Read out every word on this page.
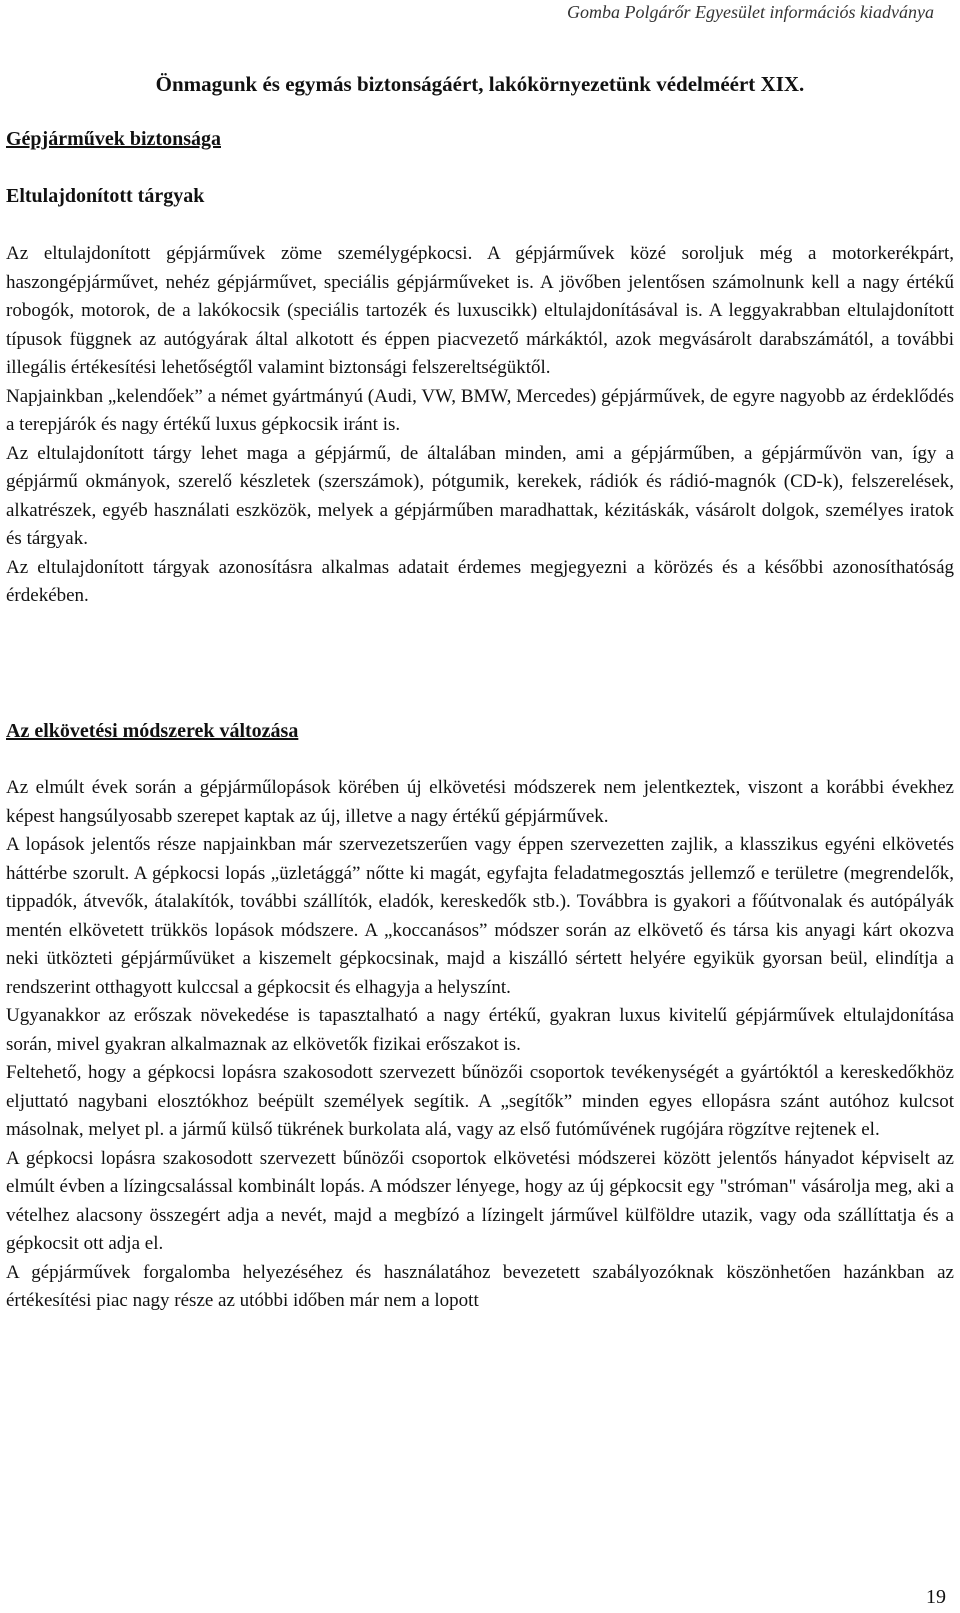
Gomba Polgárőr Egyesület információs kiadványa
Önmagunk és egymás biztonságáért, lakókörnyezetünk védelméért XIX.
Gépjárművek biztonsága
Eltulajdonított tárgyak

Az eltulajdonított gépjárművek zöme személygépkocsi. A gépjárművek közé soroljuk még a motorkerékpárt, haszongépjárművet, nehéz gépjárművet, speciális gépjárműveket is. A jövőben jelentősen számolnunk kell a nagy értékű robogók, motorok, de a lakókocsik (speciális tartozék és luxuscikk) eltulajdonításával is. A leggyakrabban eltulajdonított típusok függnek az autógyárak által alkotott és éppen piacvezető márkáktól, azok megvásárolt darabszámától, a további illegális értékesítési lehetőségtől valamint biztonsági felszereltségüktől.

Napjainkban „kelendőek” a német gyártmányú (Audi, VW, BMW, Mercedes) gépjárművek, de egyre nagyobb az érdeklődés a terepjárók és nagy értékű luxus gépkocsik iránt is.

Az eltulajdonított tárgy lehet maga a gépjármű, de általában minden, ami a gépjárműben, a gépjárművön van, így a gépjármű okmányok, szerelő készletek (szerszámok), pótgumik, kerekek, rádiók és rádió-magnók (CD-k), felszerelések, alkatrészek, egyéb használati eszközök, melyek a gépjárműben maradhattak, kézitáskák, vásárolt dolgok, személyes iratok és tárgyak.

Az eltulajdonított tárgyak azonosításra alkalmas adatait érdemes megjegyezni a körözés és a későbbi azonosíthatóság érdekében.

Az elkövetési módszerek változása

Az elmúlt évek során a gépjárműlopások körében új elkövetési módszerek nem jelentkeztek, viszont a korábbi évekhez képest hangsúlyosabb szerepet kaptak az új, illetve a nagy értékű gépjárművek.

A lopások jelentős része napjainkban már szervezetszerűen vagy éppen szervezetten zajlik, a klasszikus egyéni elkövetés háttérbe szorult. A gépkocsi lopás „üzletággá” nőtte ki magát, egyfajta feladatmegosztás jellemző e területre (megrendelők, tippadók, átvevők, átalakítók, további szállítók, eladók, kereskedők stb.). Továbbra is gyakori a főútvonalak és autópályák mentén elkövetett trükkös lopások módszere. A „koccanásos” módszer során az elkövető és társa kis anyagi kárt okozva neki ütközteti gépjárművüket a kiszemelt gépkocsinak, majd a kiszálló sértett helyére egyikük gyorsan beül, elindítja a rendszerint otthagyott kulccsal a gépkocsit és elhagyja a helyszínt.

Ugyanakkor az erőszak növekedése is tapasztalható a nagy értékű, gyakran luxus kivitelű gépjárművek eltulajdonítása során, mivel gyakran alkalmaznak az elkövetők fizikai erőszakot is.

Feltehető, hogy a gépkocsi lopásra szakosodott szervezett bűnözői csoportok tevékenységét a gyártóktól a kereskedőkhöz eljuttató nagybani elosztókhoz beépült személyek segítik. A „segítők” minden egyes ellopásra szánt autóhoz kulcsot másolnak, melyet pl. a jármű külső tükrének burkolata alá, vagy az első futóművének rugójára rögzítve rejtenek el.

A gépkocsi lopásra szakosodott szervezett bűnözői csoportok elkövetési módszerei között jelentős hányadot képviselt az elmúlt évben a lízingcsalással kombinált lopás. A módszer lényege, hogy az új gépkocsit egy "stróman" vásárolja meg, aki a vételhez alacsony összegért adja a nevét, majd a megbízó a lízingelt járművel külföldre utazik, vagy oda szállíttatja és a gépkocsit ott adja el.

A gépjárművek forgalomba helyezéséhez és használatához bevezetett szabályozóknak köszönhetően hazánkban az értékesítési piac nagy része az utóbbi időben már nem a lopott

19
